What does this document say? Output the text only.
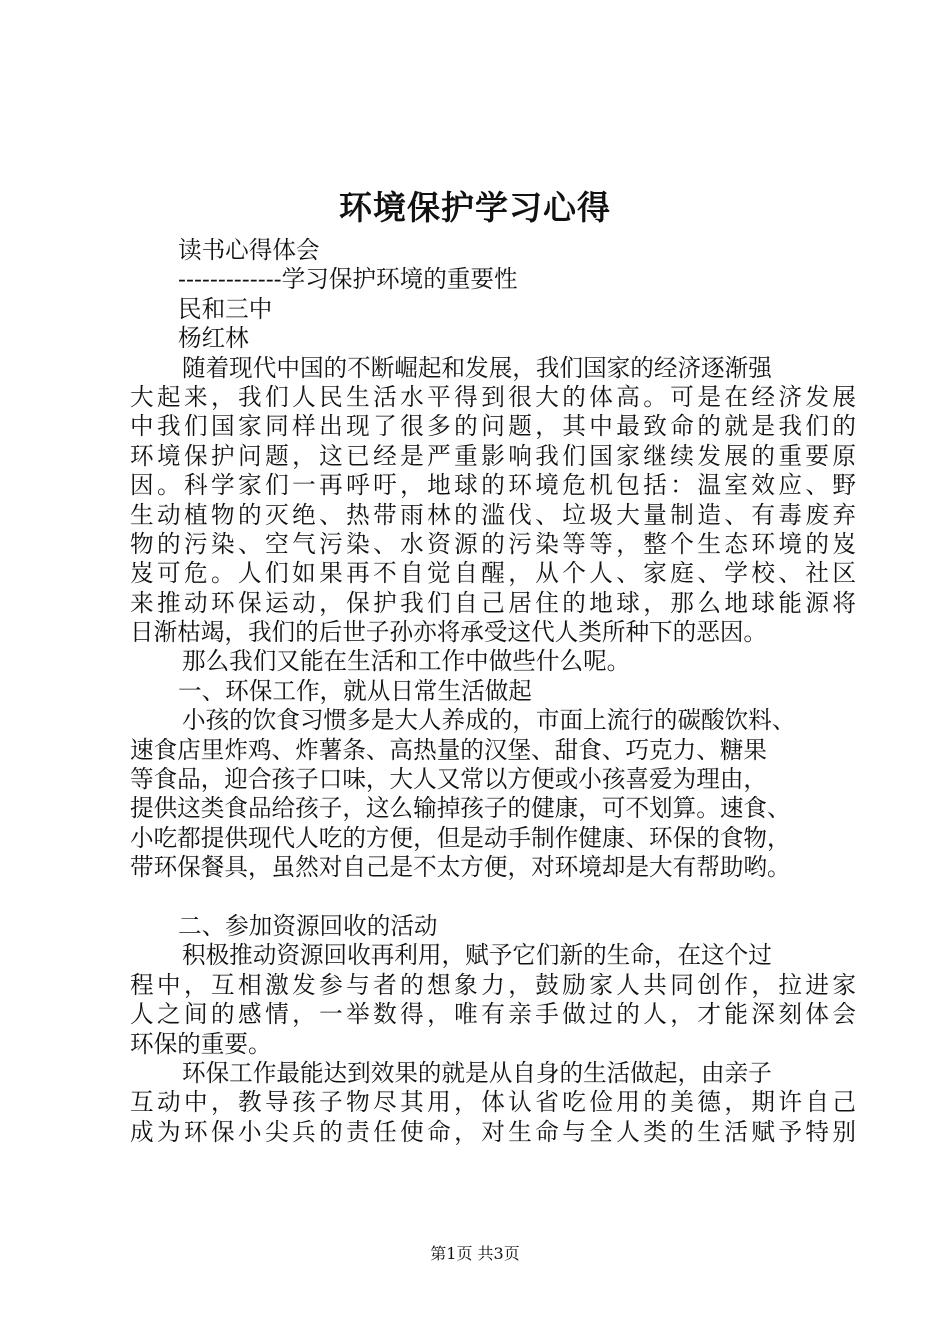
环境保护学习心得
读书心得体会
-------------学习保护环境的重要性
民和三中
杨红林
随着现代中国的不断崛起和发展，我们国家的经济逐渐强
大起来，我们人民生活水平得到很大的体高。可是在经济发展
中我们国家同样出现了很多的问题，其中最致命的就是我们的
环境保护问题，这已经是严重影响我们国家继续发展的重要原
因。科学家们一再呼吁，地球的环境危机包括：温室效应、野
生动植物的灭绝、热带雨林的滥伐、垃圾大量制造、有毒废弃
物的污染、空气污染、水资源的污染等等，整个生态环境的岌
岌可危。人们如果再不自觉自醒，从个人、家庭、学校、社区
来推动环保运动，保护我们自己居住的地球，那么地球能源将
日渐枯竭，我们的后世子孙亦将承受这代人类所种下的恶因。
那么我们又能在生活和工作中做些什么呢。
一、环保工作，就从日常生活做起
小孩的饮食习惯多是大人养成的，市面上流行的碳酸饮料、
速食店里炸鸡、炸薯条、高热量的汉堡、甜食、巧克力、糖果
等食品，迎合孩子口味，大人又常以方便或小孩喜爱为理由，
提供这类食品给孩子，这么输掉孩子的健康，可不划算。速食、
小吃都提供现代人吃的方便，但是动手制作健康、环保的食物，
带环保餐具，虽然对自己是不太方便，对环境却是大有帮助哟。
二、参加资源回收的活动
积极推动资源回收再利用，赋予它们新的生命，在这个过
程中，互相激发参与者的想象力，鼓励家人共同创作，拉进家
人之间的感情，一举数得，唯有亲手做过的人，才能深刻体会
环保的重要。
环保工作最能达到效果的就是从自身的生活做起，由亲子
互动中，教导孩子物尽其用，体认省吃俭用的美德，期许自己
成为环保小尖兵的责任使命，对生命与全人类的生活赋予特别
第1页 共3页
